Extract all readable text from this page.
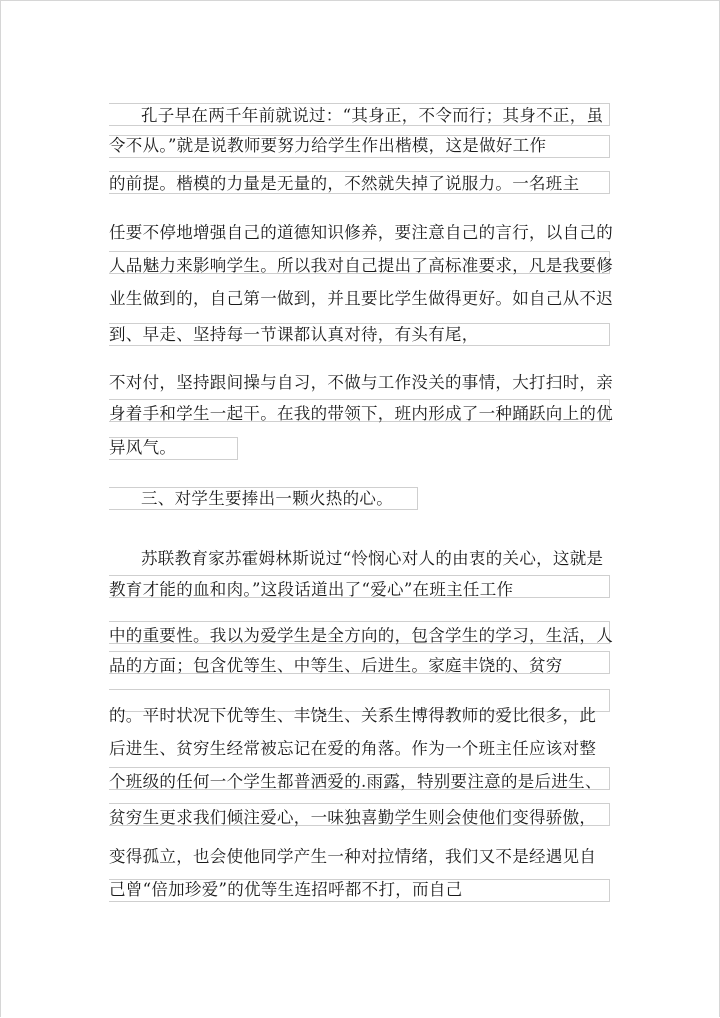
孔子早在两千年前就说过：“其身正，不令而行；其身不正，虽
令不从。”就是说教师要努力给学生作出楷模，这是做好工作
的前提。楷模的力量是无量的，不然就失掉了说服力。一名班主
任要不停地增强自己的道德知识修养，要注意自己的言行，以自己的
人品魅力来影响学生。所以我对自己提出了高标准要求，凡是我要修
业生做到的，自己第一做到，并且要比学生做得更好。如自己从不迟
到、早走、坚持每一节课都认真对待，有头有尾，
不对付，坚持跟间操与自习，不做与工作没关的事情，大打扫时，亲
身着手和学生一起干。在我的带领下，班内形成了一种踊跃向上的优
异风气。
三、对学生要捧出一颗火热的心。
苏联教育家苏霍姆林斯说过“怜悯心对人的由衷的关心，这就是
教育才能的血和肉。”这段话道出了“爱心”在班主任工作
中的重要性。我以为爱学生是全方向的，包含学生的学习，生活，人
品的方面；包含优等生、中等生、后进生。家庭丰饶的、贫穷
的。平时状况下优等生、丰饶生、关系生博得教师的爱比很多，此
后进生、贫穷生经常被忘记在爱的角落。作为一个班主任应该对整
个班级的任何一个学生都普洒爱的.雨露，特别要注意的是后进生、
贫穷生更求我们倾注爱心，一味独喜勤学生则会使他们变得骄傲，
变得孤立，也会使他同学产生一种对拉情绪，我们又不是经遇见自
己曾“倍加珍爱”的优等生连招呼都不打，而自己
